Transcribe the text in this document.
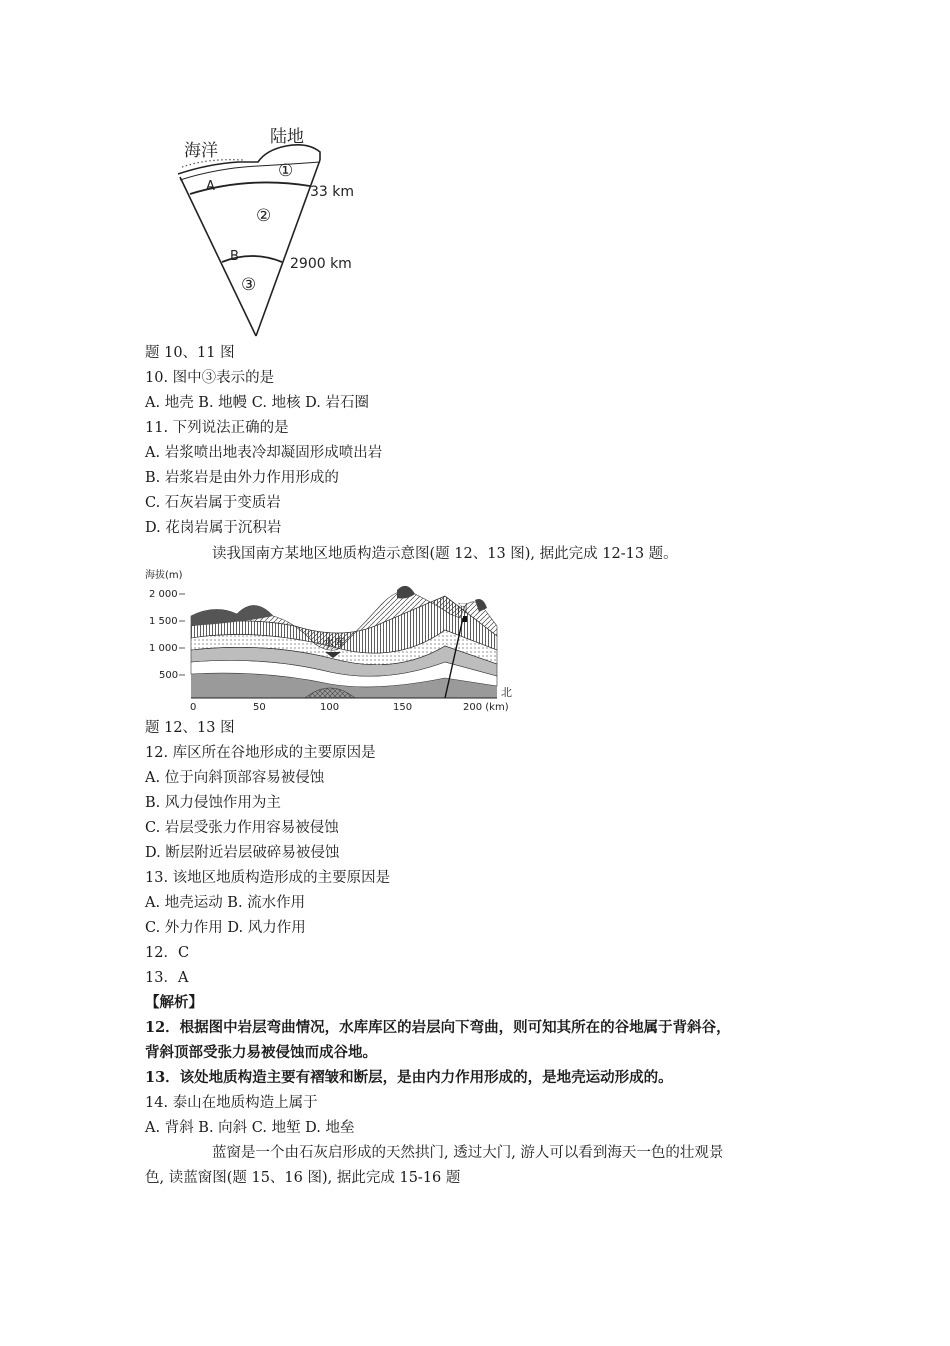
海洋
陆地
A
B
①
②
③
33 km
2900 km
题 10、11 图
10. 图中③表示的是
A. 地壳 B. 地幔 C. 地核 D. 岩石圈
11. 下列说法正确的是
A. 岩浆喷出地表冷却凝固形成喷出岩
B. 岩浆岩是由外力作用形成的
C. 石灰岩属于变质岩
D. 花岗岩属于沉积岩
读我国南方某地区地质构造示意图(题 12、13 图), 据此完成 12-13 题。
海拔(m)
2 000
1 500
1 000
500
水库
河
北
0	50	100	150	200 (km)
题 12、13 图
12. 库区所在谷地形成的主要原因是
A. 位于向斜顶部容易被侵蚀
B. 风力侵蚀作用为主
C. 岩层受张力作用容易被侵蚀
D. 断层附近岩层破碎易被侵蚀
13. 该地区地质构造形成的主要原因是
A. 地壳运动 B. 流水作用
C. 外力作用 D. 风力作用
12．C
13．A
【解析】
12．根据图中岩层弯曲情况，水库库区的岩层向下弯曲，则可知其所在的谷地属于背斜谷，
背斜顶部受张力易被侵蚀而成谷地。
13．该处地质构造主要有褶皱和断层，是由内力作用形成的，是地壳运动形成的。
14. 泰山在地质构造上属于
A. 背斜 B. 向斜 C. 地堑 D. 地垒
蓝窗是一个由石灰启形成的天然拱门, 透过大门, 游人可以看到海天一色的壮观景
色, 读蓝窗图(题 15、16 图), 据此完成 15-16 题
